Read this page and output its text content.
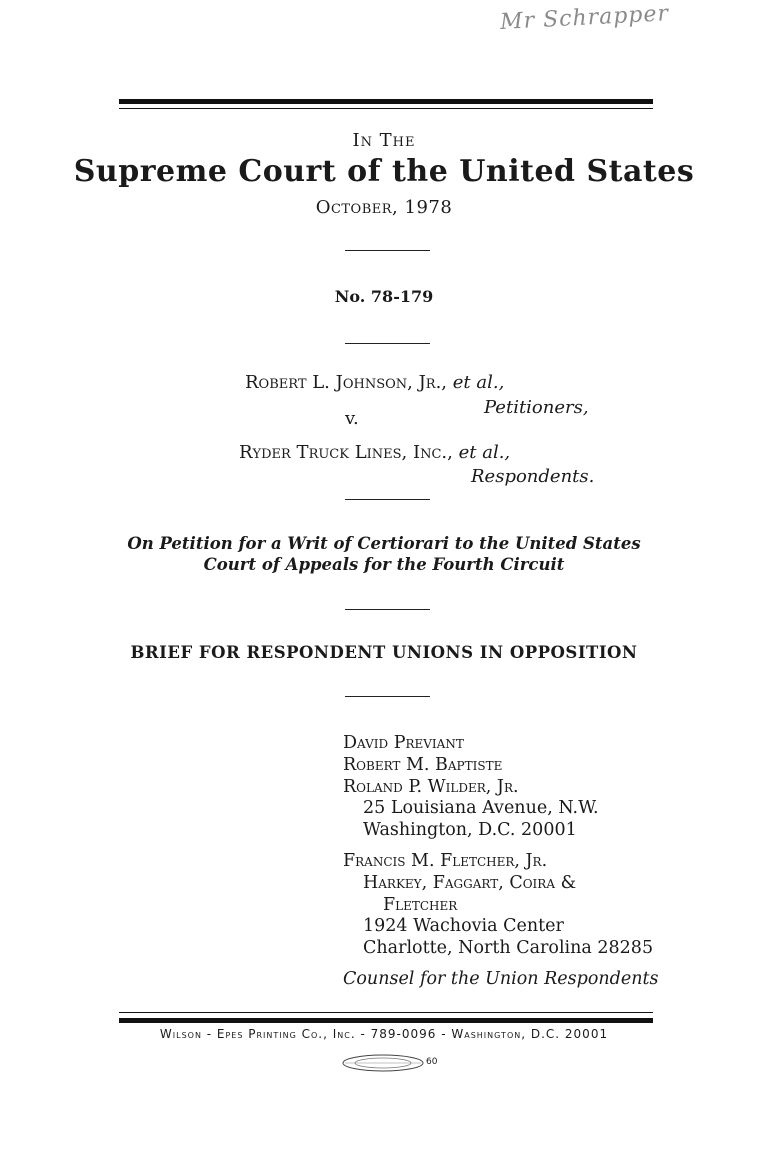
Mr Schrapper
In The
Supreme Court of the United States
October, 1978
No. 78-179
Robert L. Johnson, Jr., et al.,
Petitioners,
v.
Ryder Truck Lines, Inc., et al.,
Respondents.
On Petition for a Writ of Certiorari to the United States
Court of Appeals for the Fourth Circuit
BRIEF FOR RESPONDENT UNIONS IN OPPOSITION
David Previant
Robert M. Baptiste
Roland P. Wilder, Jr.
25 Louisiana Avenue, N.W.
Washington, D.C. 20001
Francis M. Fletcher, Jr.
Harkey, Faggart, Coira &
Fletcher
1924 Wachovia Center
Charlotte, North Carolina 28285
Counsel for the Union Respondents
Wilson - Epes Printing Co., Inc. - 789-0096 - Washington, D.C. 20001
60
